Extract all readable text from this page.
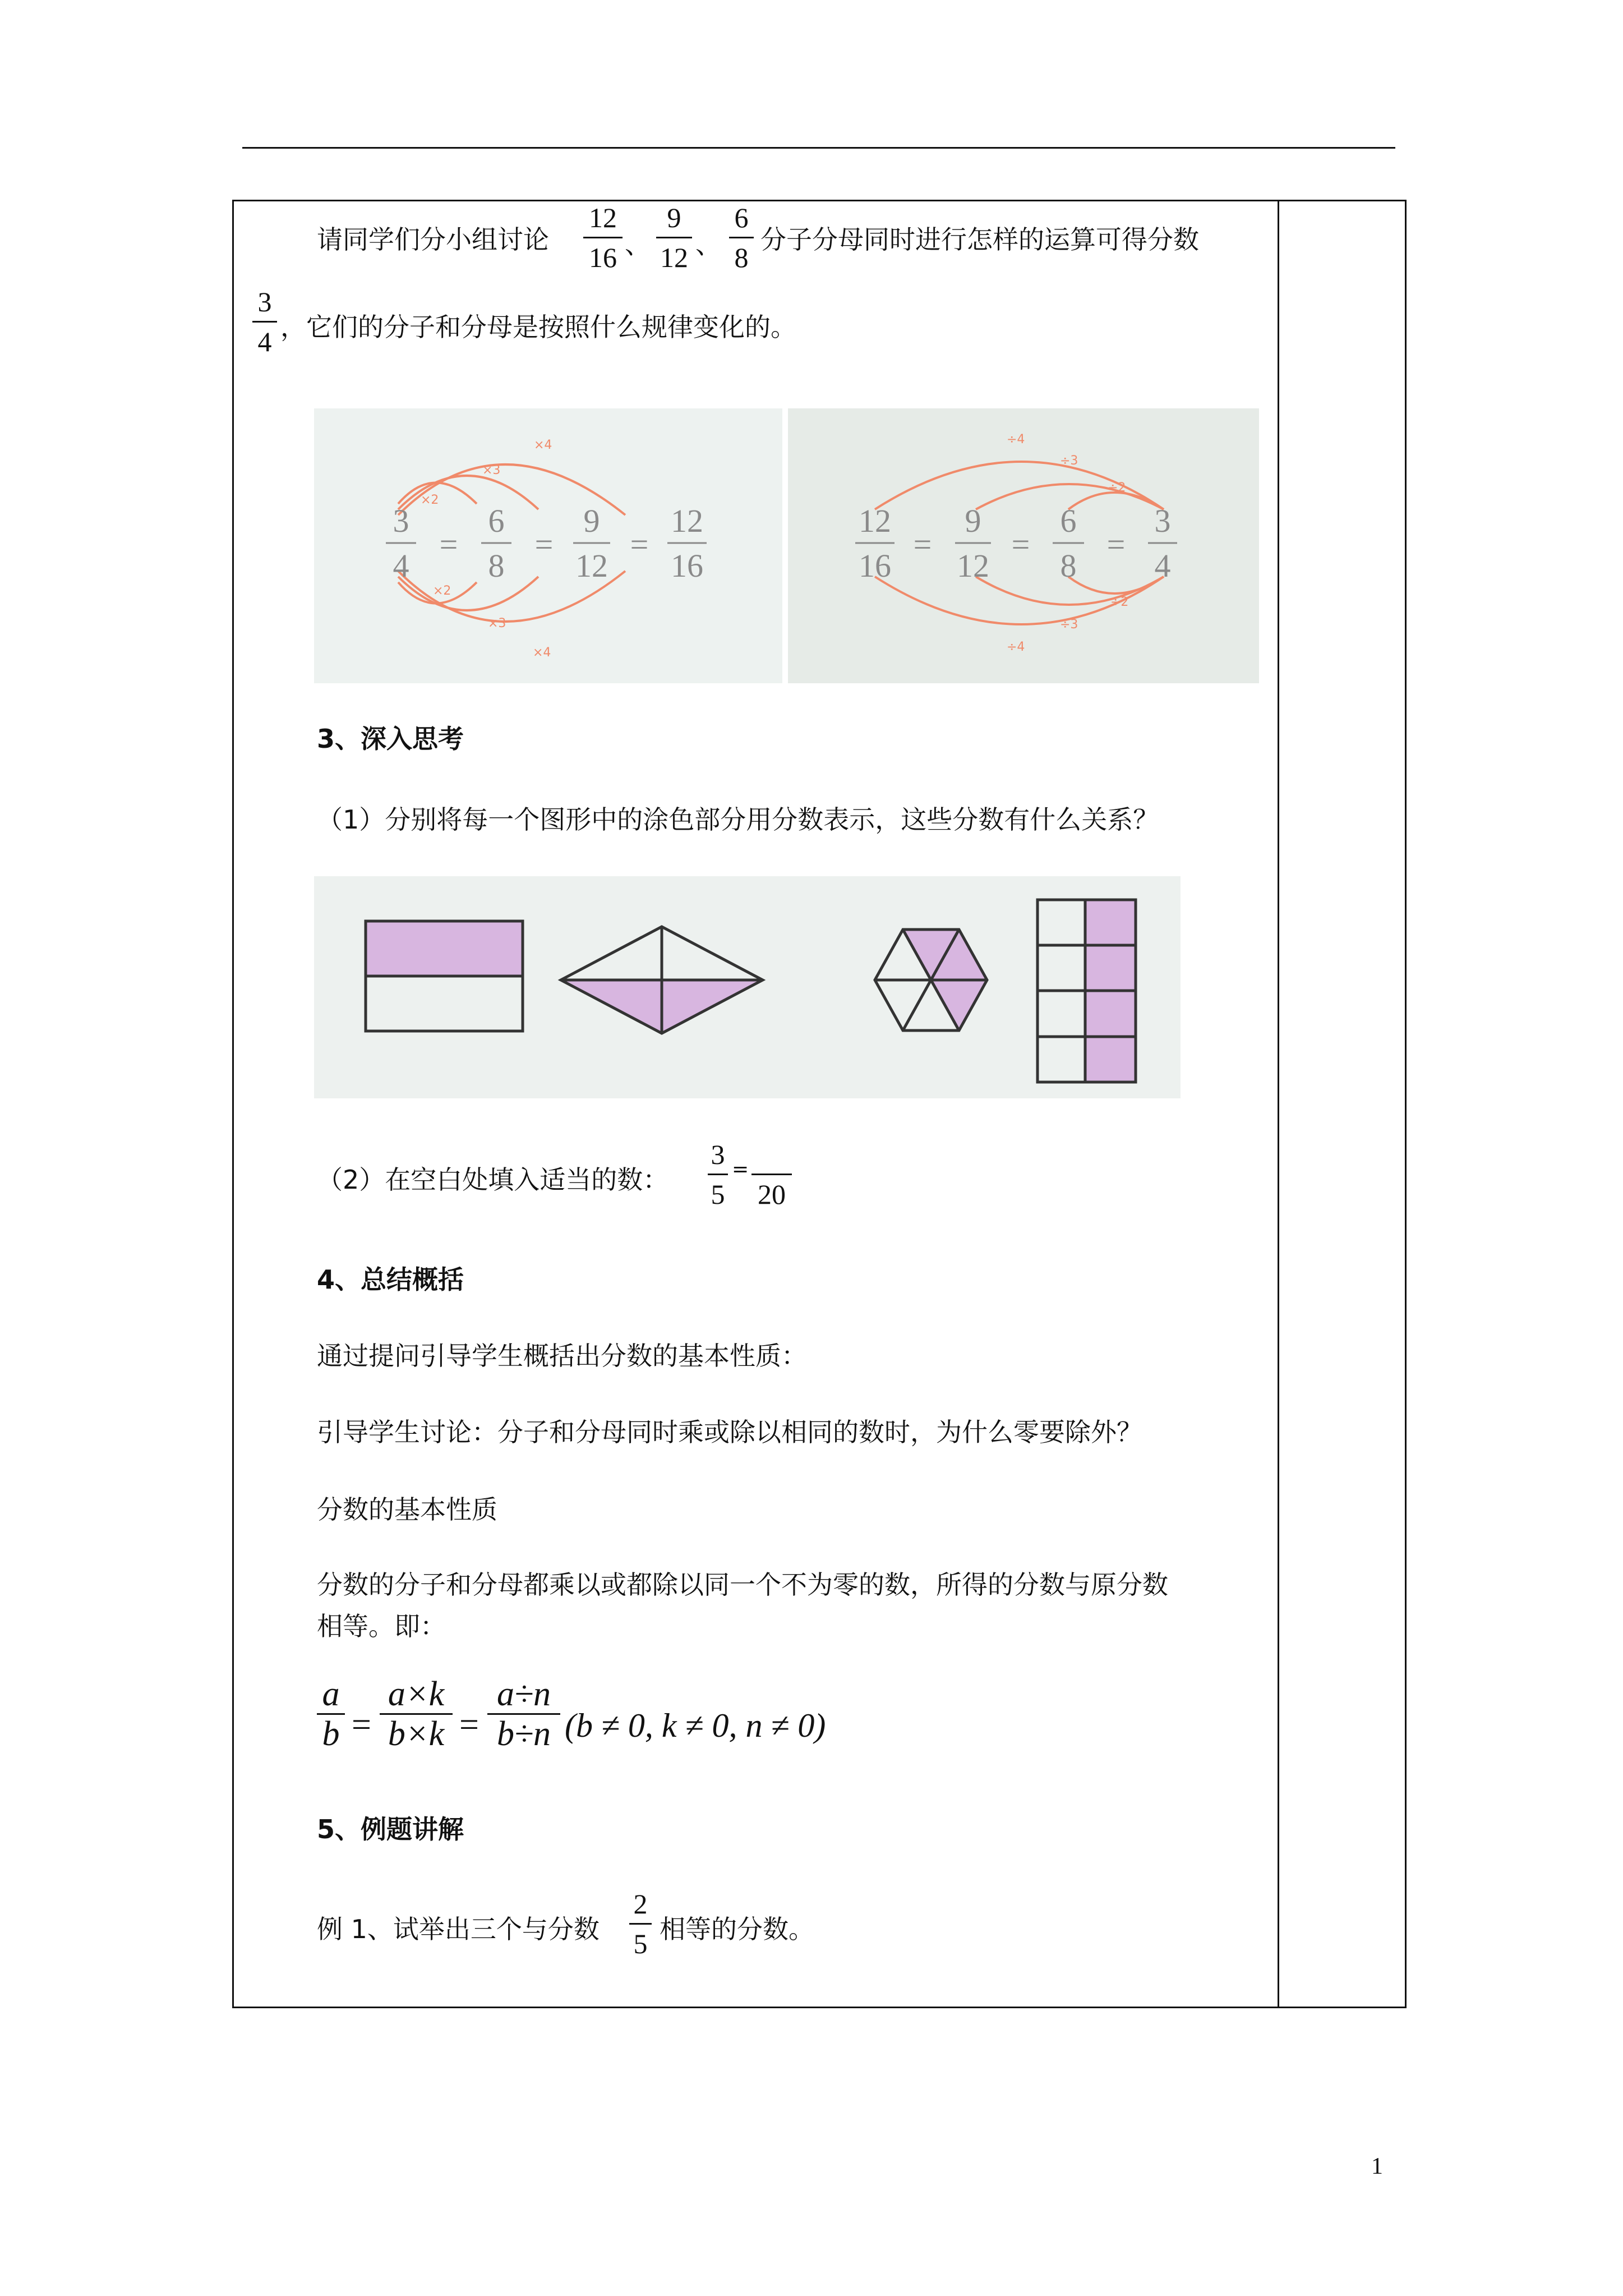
请同学们分小组讨论
12
16 、
9
12 、
6
8
分子分母同时进行怎样的运算可得分数
3
4 ，它们的分子和分母是按照什么规律变化的。
×2
×3
×4
×2
×3
×4
3
4
6
8
9
12
12
16
= = =
÷4
÷3
÷2
÷2
÷3
÷4
12
16
9
12
6
8
3
4
= = =
3、深入思考
（1）分别将每一个图形中的涂色部分用分数表示，这些分数有什么关系？
（2）在空白处填入适当的数：
3
5
=
20
4、总结概括
通过提问引导学生概括出分数的基本性质：
引导学生讨论：分子和分母同时乘或除以相同的数时，为什么零要除外？
分数的基本性质
分数的分子和分母都乘以或都除以同一个不为零的数，所得的分数与原分数
相等。即：
a
b =
a×k
b×k =
a÷n
b÷n (b ≠ 0, k ≠ 0, n ≠ 0)
5、例题讲解
例 1、试举出三个与分数
2
5 相等的分数。
1
